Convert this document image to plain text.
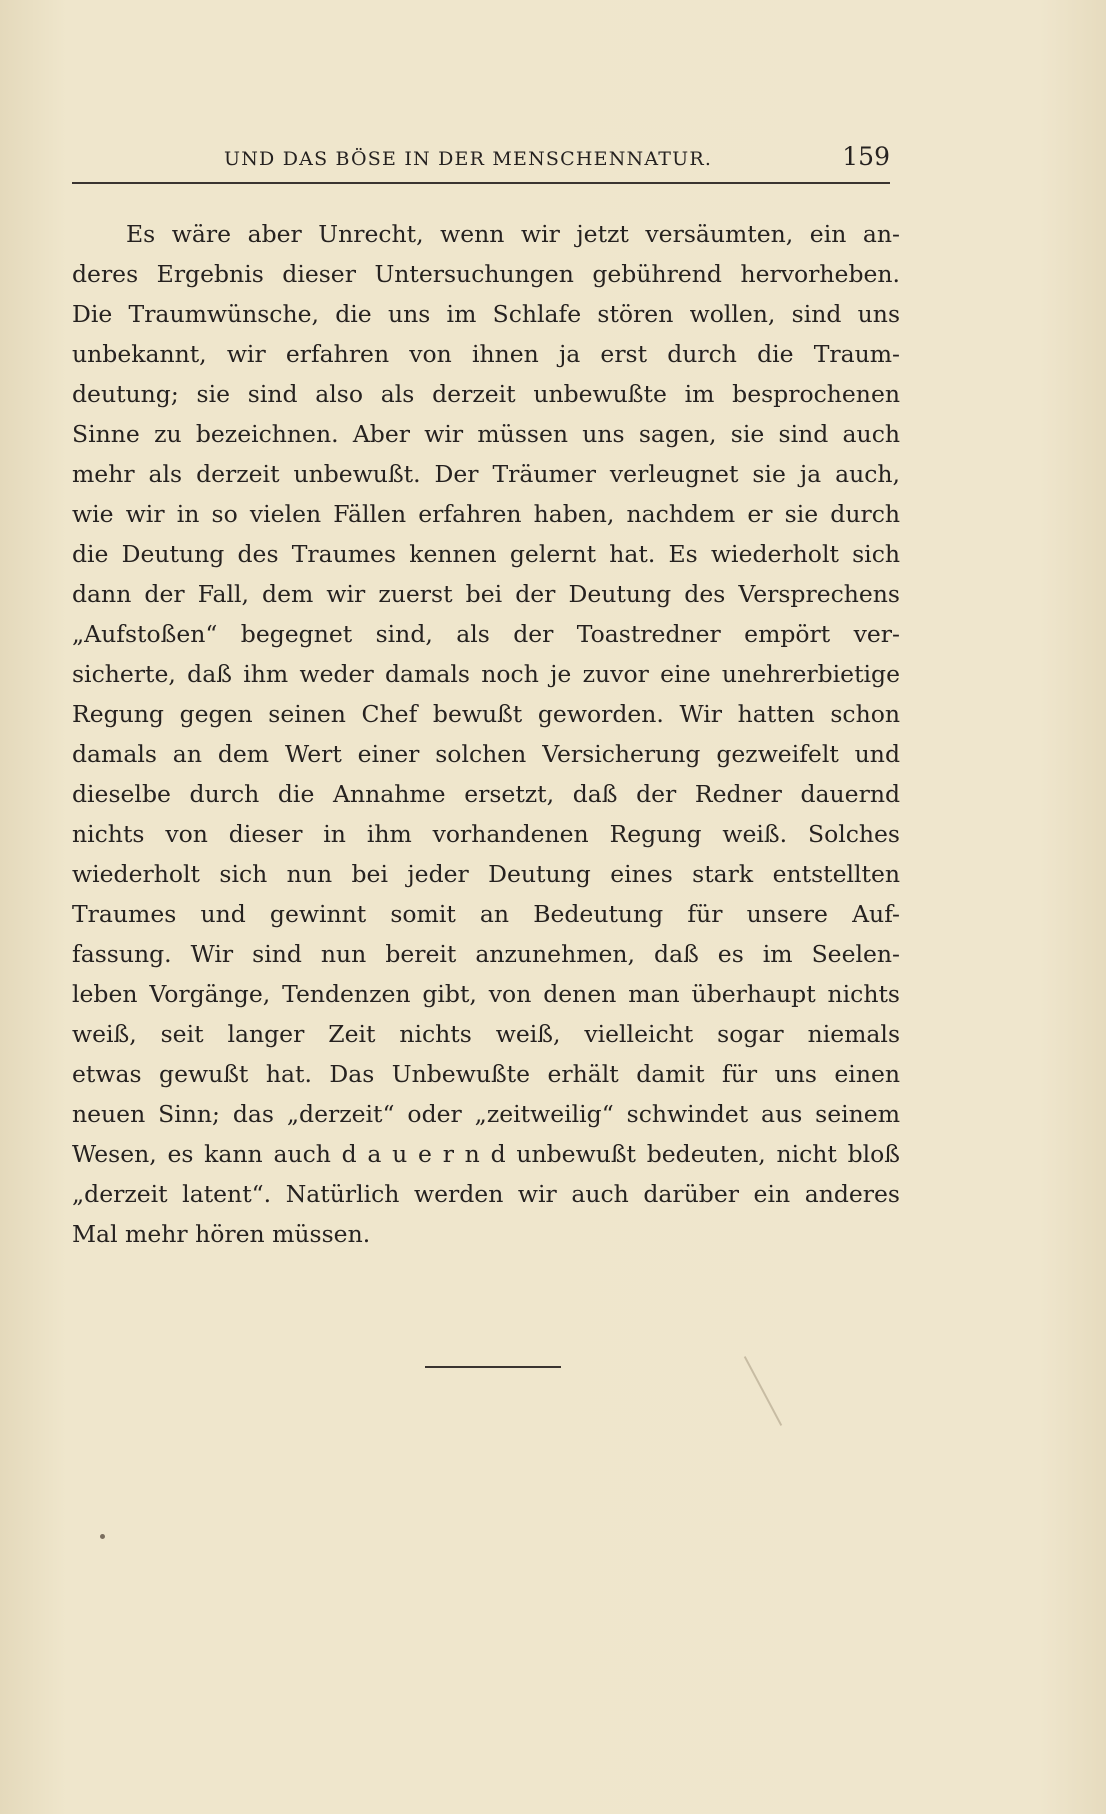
UND DAS BÖSE IN DER MENSCHENNATUR.	159
Es wäre aber Unrecht, wenn wir jetzt versäumten, ein an-
deres Ergebnis dieser Untersuchungen gebührend hervorheben.
Die Traumwünsche, die uns im Schlafe stören wollen, sind uns
unbekannt, wir erfahren von ihnen ja erst durch die Traum-
deutung; sie sind also als derzeit unbewußte im besprochenen
Sinne zu bezeichnen. Aber wir müssen uns sagen, sie sind auch
mehr als derzeit unbewußt. Der Träumer verleugnet sie ja auch,
wie wir in so vielen Fällen erfahren haben, nachdem er sie durch
die Deutung des Traumes kennen gelernt hat. Es wiederholt sich
dann der Fall, dem wir zuerst bei der Deutung des Versprechens
„Aufstoßen“ begegnet sind, als der Toastredner empört ver-
sicherte, daß ihm weder damals noch je zuvor eine unehrerbietige
Regung gegen seinen Chef bewußt geworden. Wir hatten schon
damals an dem Wert einer solchen Versicherung gezweifelt und
dieselbe durch die Annahme ersetzt, daß der Redner dauernd
nichts von dieser in ihm vorhandenen Regung weiß. Solches
wiederholt sich nun bei jeder Deutung eines stark entstellten
Traumes und gewinnt somit an Bedeutung für unsere Auf-
fassung. Wir sind nun bereit anzunehmen, daß es im Seelen-
leben Vorgänge, Tendenzen gibt, von denen man überhaupt nichts
weiß, seit langer Zeit nichts weiß, vielleicht sogar niemals
etwas gewußt hat. Das Unbewußte erhält damit für uns einen
neuen Sinn; das „derzeit“ oder „zeitweilig“ schwindet aus seinem
Wesen, es kann auch d a u e r n d unbewußt bedeuten, nicht bloß
„derzeit latent“. Natürlich werden wir auch darüber ein anderes
Mal mehr hören müssen.
